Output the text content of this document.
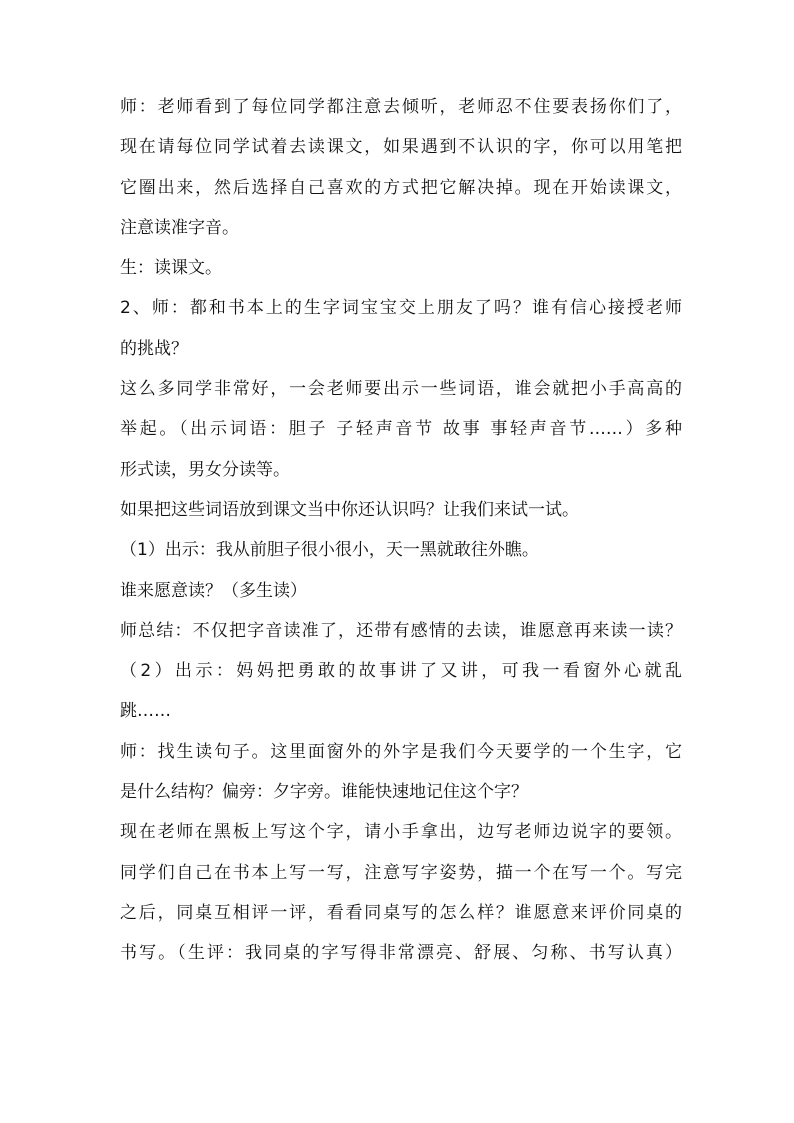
师：老师看到了每位同学都注意去倾听，老师忍不住要表扬你们了，
现在请每位同学试着去读课文，如果遇到不认识的字，你可以用笔把
它圈出来，然后选择自己喜欢的方式把它解决掉。现在开始读课文，
注意读准字音。
生：读课文。
2、师：都和书本上的生字词宝宝交上朋友了吗？谁有信心接授老师
的挑战？
这么多同学非常好，一会老师要出示一些词语，谁会就把小手高高的
举起。（出示词语：胆子 子轻声音节 故事 事轻声音节……）多种
形式读，男女分读等。
如果把这些词语放到课文当中你还认识吗？让我们来试一试。
（1）出示：我从前胆子很小很小，天一黑就敢往外瞧。
谁来愿意读？（多生读）
师总结：不仅把字音读准了，还带有感情的去读，谁愿意再来读一读？
（2）出示：妈妈把勇敢的故事讲了又讲，可我一看窗外心就乱
跳……
师：找生读句子。这里面窗外的外字是我们今天要学的一个生字，它
是什么结构？偏旁：夕字旁。谁能快速地记住这个字？
现在老师在黑板上写这个字，请小手拿出，边写老师边说字的要领。
同学们自己在书本上写一写，注意写字姿势，描一个在写一个。写完
之后，同桌互相评一评，看看同桌写的怎么样？谁愿意来评价同桌的
书写。（生评：我同桌的字写得非常漂亮、舒展、匀称、书写认真）
